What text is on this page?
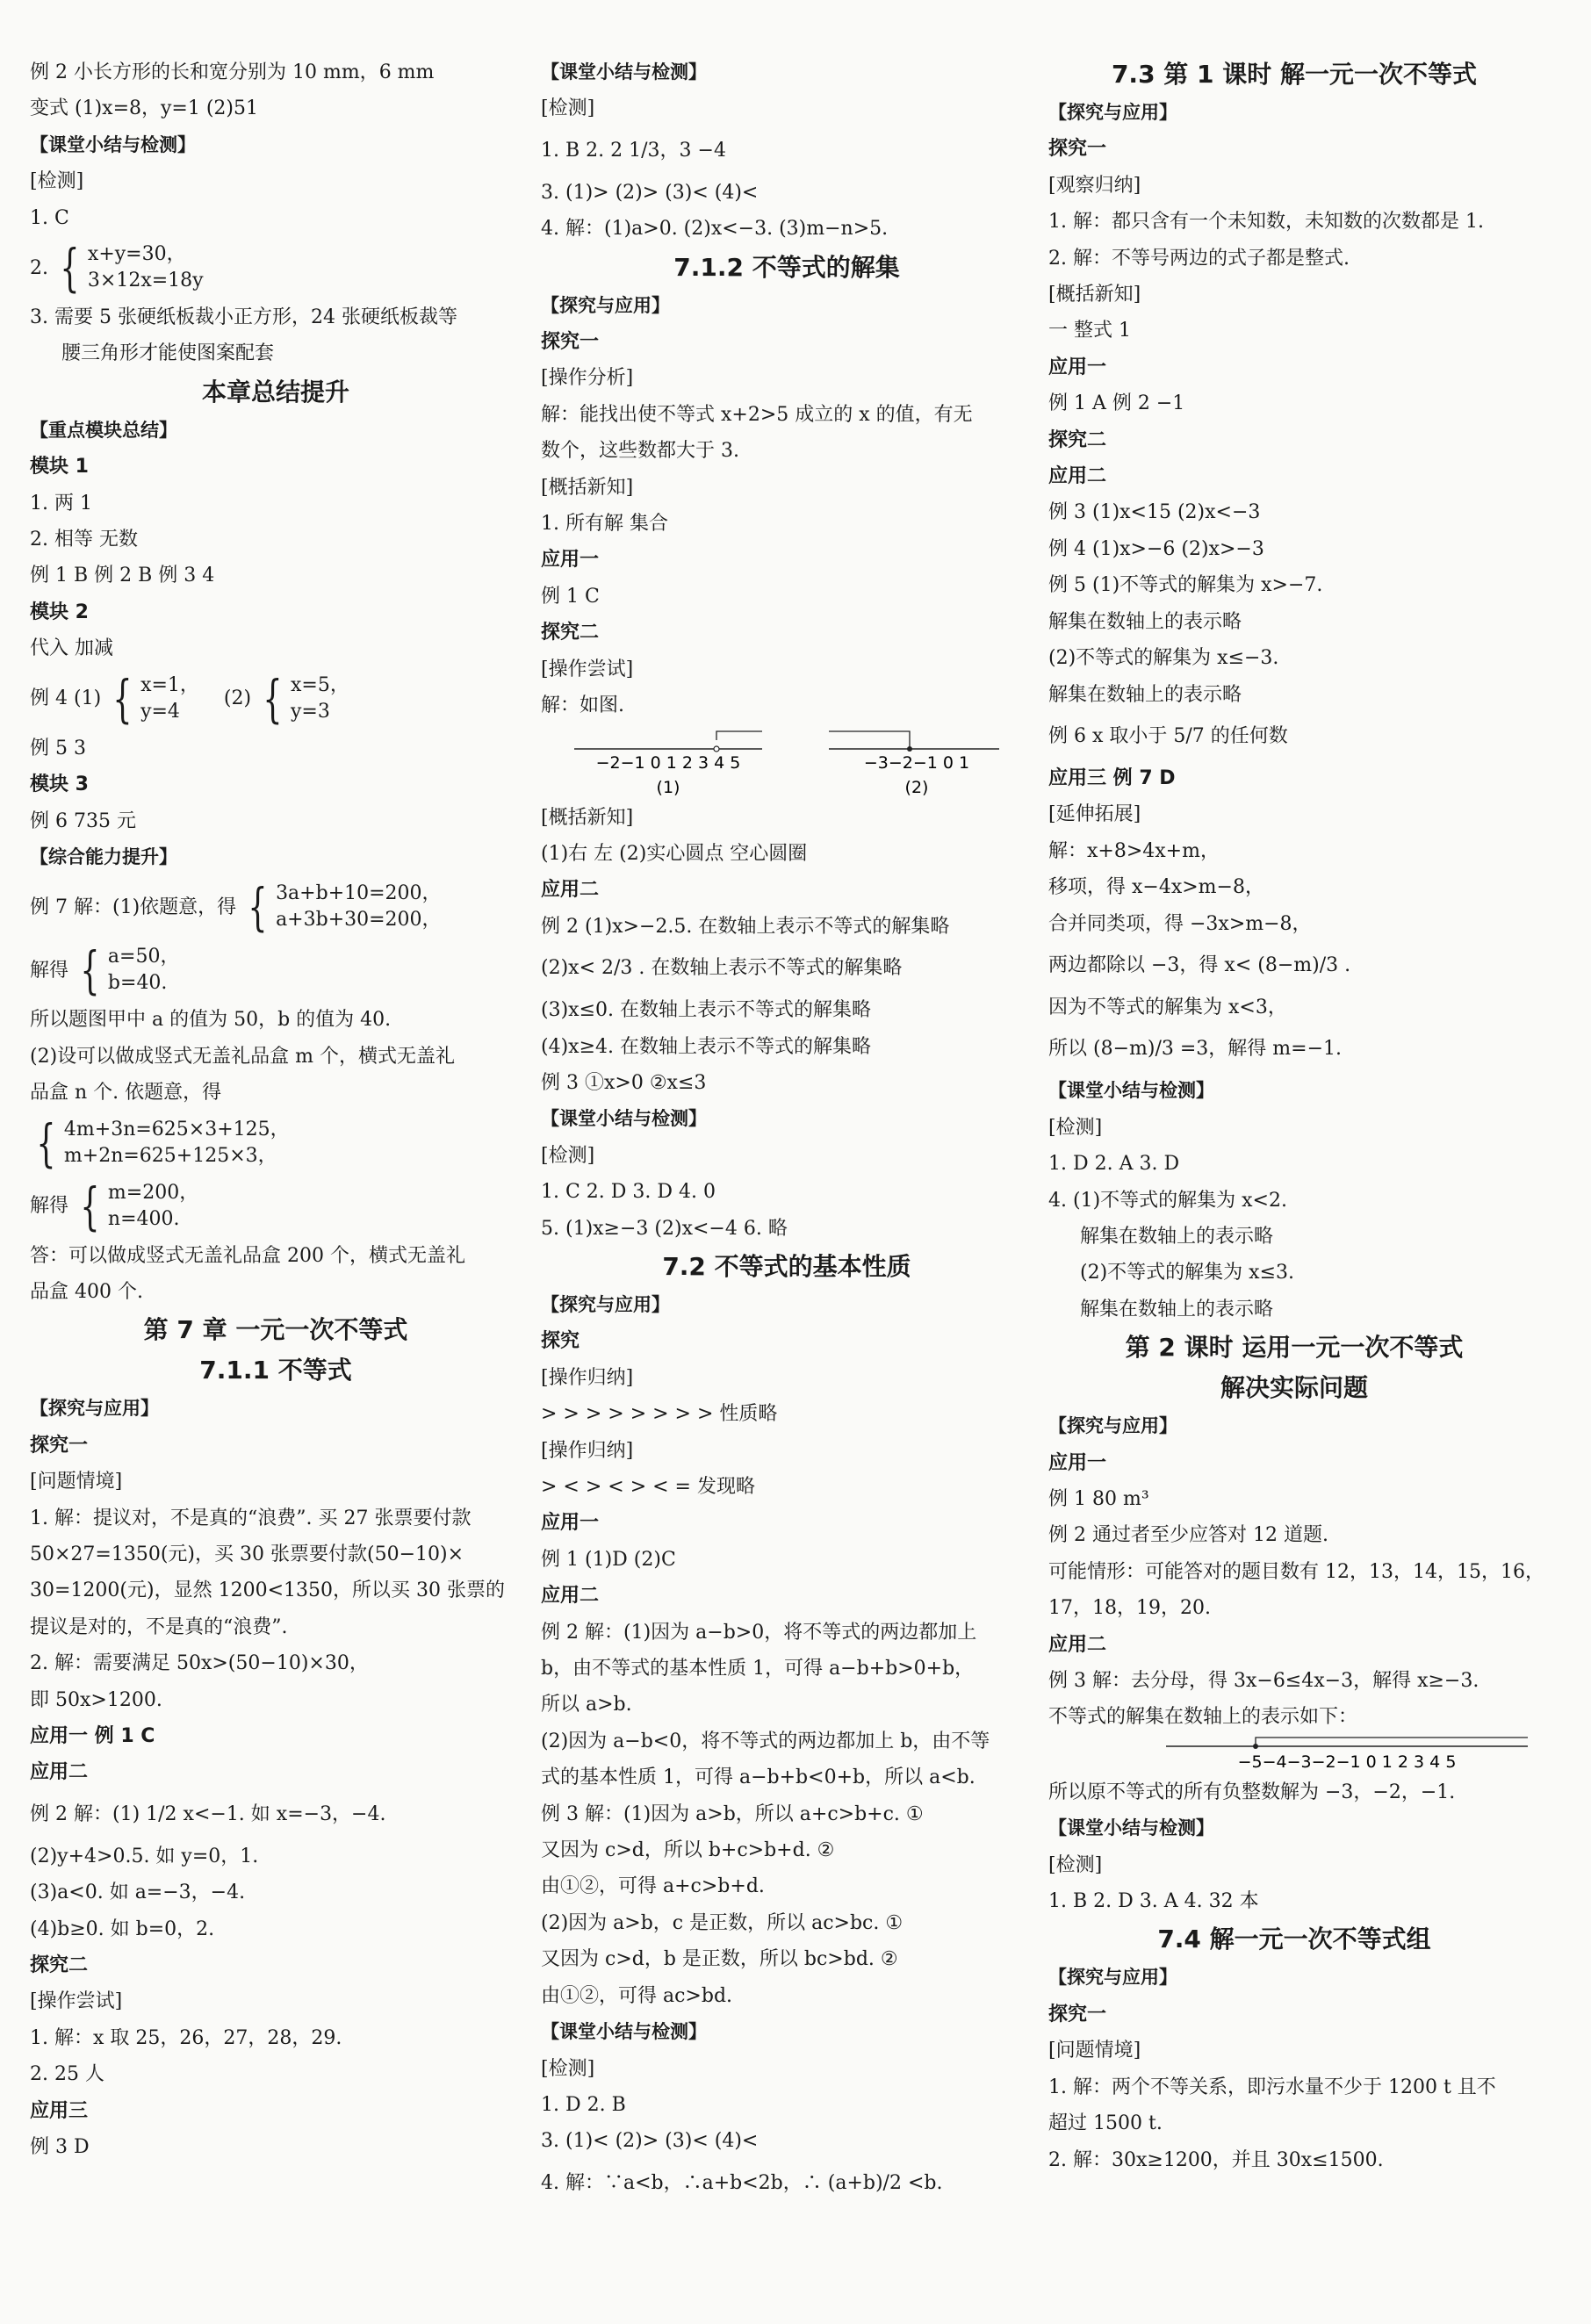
例 2 小长方形的长和宽分别为 10 mm，6 mm
变式 (1)x=8，y=1 (2)51
【课堂小结与检测】
[检测]
1. C
2. { x+y=30，
3×12x=18y
3. 需要 5 张硬纸板裁小正方形，24 张硬纸板裁等
腰三角形才能使图案配套
本章总结提升
【重点模块总结】
模块 1
1. 两 1
2. 相等 无数
例 1 B 例 2 B 例 3 4
模块 2
代入 加减
例 4 (1) { x=1，
y=4
(2) { x=5，
y=3
例 5 3
模块 3
例 6 735 元
【综合能力提升】
例 7 解：(1)依题意，得 { 3a+b+10=200，
a+3b+30=200，
解得 { a=50，
b=40.
所以题图甲中 a 的值为 50，b 的值为 40.
(2)设可以做成竖式无盖礼品盒 m 个，横式无盖礼
品盒 n 个. 依题意，得
{ 4m+3n=625×3+125，
m+2n=625+125×3，
解得 { m=200，
n=400.
答：可以做成竖式无盖礼品盒 200 个，横式无盖礼
品盒 400 个.
第 7 章 一元一次不等式
7.1.1 不等式
【探究与应用】
探究一
[问题情境]
1. 解：提议对，不是真的“浪费”. 买 27 张票要付款
50×27=1350(元)，买 30 张票要付款(50−10)×
30=1200(元)，显然 1200<1350，所以买 30 张票的
提议是对的，不是真的“浪费”.
2. 解：需要满足 50x>(50−10)×30，
即 50x>1200.
应用一 例 1 C
应用二
例 2 解：(1) 1/2 x<−1. 如 x=−3，−4.
(2)y+4>0.5. 如 y=0，1.
(3)a<0. 如 a=−3，−4.
(4)b≥0. 如 b=0，2.
探究二
[操作尝试]
1. 解：x 取 25，26，27，28，29.
2. 25 人
应用三
例 3 D
【课堂小结与检测】
[检测]
1. B 2. 2 1/3，3 −4
3. (1)> (2)> (3)< (4)<
4. 解：(1)a>0. (2)x<−3. (3)m−n>5.
7.1.2 不等式的解集
【探究与应用】
探究一
[操作分析]
解：能找出使不等式 x+2>5 成立的 x 的值，有无
数个，这些数都大于 3.
[概括新知]
1. 所有解 集合
应用一
例 1 C
探究二
[操作尝试]
解：如图.
−2−1 0 1 2 3 4 5
(1)
−3−2−1 0 1
(2)
[概括新知]
(1)右 左 (2)实心圆点 空心圆圈
应用二
例 2 (1)x>−2.5. 在数轴上表示不等式的解集略
(2)x< 2/3 . 在数轴上表示不等式的解集略
(3)x≤0. 在数轴上表示不等式的解集略
(4)x≥4. 在数轴上表示不等式的解集略
例 3 ①x>0 ②x≤3
【课堂小结与检测】
[检测]
1. C 2. D 3. D 4. 0
5. (1)x≥−3 (2)x<−4 6. 略
7.2 不等式的基本性质
【探究与应用】
探究
[操作归纳]
> > > > > > > > 性质略
[操作归纳]
> < > < > < = 发现略
应用一
例 1 (1)D (2)C
应用二
例 2 解：(1)因为 a−b>0，将不等式的两边都加上
b，由不等式的基本性质 1，可得 a−b+b>0+b，
所以 a>b.
(2)因为 a−b<0，将不等式的两边都加上 b，由不等
式的基本性质 1，可得 a−b+b<0+b，所以 a<b.
例 3 解：(1)因为 a>b，所以 a+c>b+c. ①
又因为 c>d，所以 b+c>b+d. ②
由①②，可得 a+c>b+d.
(2)因为 a>b，c 是正数，所以 ac>bc. ①
又因为 c>d，b 是正数，所以 bc>bd. ②
由①②，可得 ac>bd.
【课堂小结与检测】
[检测]
1. D 2. B
3. (1)< (2)> (3)< (4)<
4. 解：∵a<b，∴a+b<2b，∴ (a+b)/2 <b.
7.3 第 1 课时 解一元一次不等式
【探究与应用】
探究一
[观察归纳]
1. 解：都只含有一个未知数，未知数的次数都是 1.
2. 解：不等号两边的式子都是整式.
[概括新知]
一 整式 1
应用一
例 1 A 例 2 −1
探究二
应用二
例 3 (1)x<15 (2)x<−3
例 4 (1)x>−6 (2)x>−3
例 5 (1)不等式的解集为 x>−7.
解集在数轴上的表示略
(2)不等式的解集为 x≤−3.
解集在数轴上的表示略
例 6 x 取小于 5/7 的任何数
应用三 例 7 D
[延伸拓展]
解：x+8>4x+m，
移项，得 x−4x>m−8，
合并同类项，得 −3x>m−8，
两边都除以 −3，得 x< (8−m)/3 .
因为不等式的解集为 x<3，
所以 (8−m)/3 =3，解得 m=−1.
【课堂小结与检测】
[检测]
1. D 2. A 3. D
4. (1)不等式的解集为 x<2.
解集在数轴上的表示略
(2)不等式的解集为 x≤3.
解集在数轴上的表示略
第 2 课时 运用一元一次不等式
解决实际问题
【探究与应用】
应用一
例 1 80 m³
例 2 通过者至少应答对 12 道题.
可能情形：可能答对的题目数有 12，13，14，15，16，
17，18，19，20.
应用二
例 3 解：去分母，得 3x−6≤4x−3，解得 x≥−3.
不等式的解集在数轴上的表示如下：
−5−4−3−2−1 0 1 2 3 4 5
所以原不等式的所有负整数解为 −3，−2，−1.
【课堂小结与检测】
[检测]
1. B 2. D 3. A 4. 32 本
7.4 解一元一次不等式组
【探究与应用】
探究一
[问题情境]
1. 解：两个不等关系，即污水量不少于 1200 t 且不
超过 1500 t.
2. 解：30x≥1200，并且 30x≤1500.
